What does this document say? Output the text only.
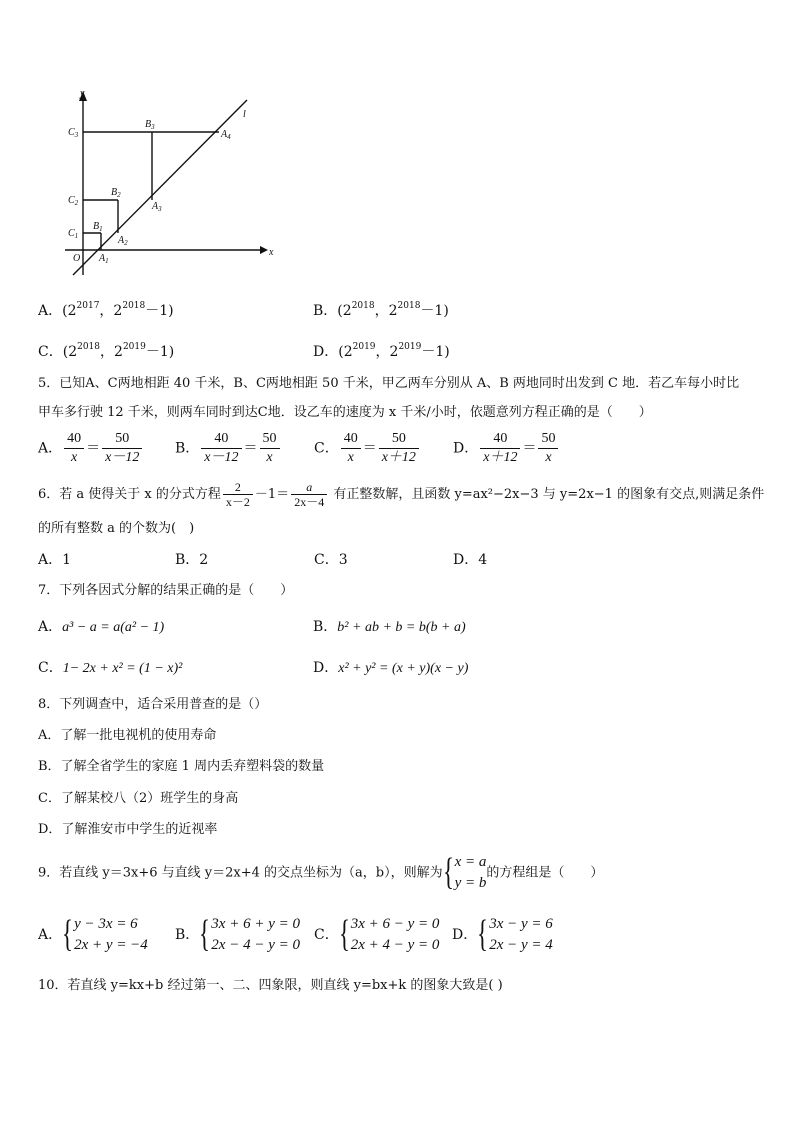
y
x
O
l
$C_1$
$C_2$
$C_3$
$B_1$
$B_2$
$B_3$
$A_1$
$A_2$
$A_3$
$A_4$
A．($2^{2017}$，$2^{2018}-1$)	B．($2^{2018}$，$2^{2018}-1$)
C．($2^{2018}$，$2^{2019}-1$)	D．($2^{2019}$，$2^{2019}-1$)
5．已知A、C两地相距 40 千米，B、C两地相距 50 千米，甲乙两车分别从 A、B 两地同时出发到 C 地．若乙车每小时比
甲车多行驶 12 千米，则两车同时到达C地．设乙车的速度为 x 千米/小时，依题意列方程正确的是（　　）
A． $\frac{40}{x} = \frac{50}{x-12}$ B． $\frac{40}{x-12} = \frac{50}{x}$ C． $\frac{40}{x} = \frac{50}{x+12}$ D． $\frac{40}{x+12} = \frac{50}{x}$
6．若 a 使得关于 x 的分式方程 $\frac{2}{x-2} -1= \frac{a}{2x-4}$ 有正整数解，且函数 y=ax²−2x−3 与 y=2x−1 的图象有交点,则满足条件
的所有整数 a 的个数为(　)
A．1	B．2	C．3	D．4
7．下列各因式分解的结果正确的是（　　）
A．a³ − a = a(a² − 1)	B．b² + ab + b = b(b + a)
C．1− 2x + x² = (1 − x)²	D．x² + y² = (x + y)(x − y)
8．下列调查中，适合采用普查的是（）
A．了解一批电视机的使用寿命
B．了解全省学生的家庭 1 周内丢弃塑料袋的数量
C．了解某校八（2）班学生的身高
D．了解淮安市中学生的近视率
9．若直线 y＝3x+6 与直线 y＝2x+4 的交点坐标为（a，b），则解为 { x = a
y = b
的方程组是（　　）
A． { y − 3x = 6
2x + y = −4
B． { 3x + 6 + y = 0
2x − 4 − y = 0
C． { 3x + 6 − y = 0
2x + 4 − y = 0
D． { 3x − y = 6
2x − y = 4
10．若直线 y=kx+b 经过第一、二、四象限，则直线 y=bx+k 的图象大致是( )
